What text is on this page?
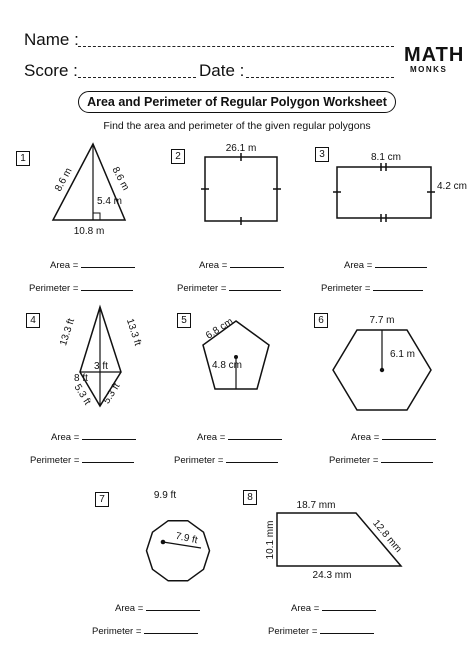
Name :
Score :	Date :
MATH
MONKS
Area and Perimeter of Regular Polygon Worksheet
Find the area and perimeter of the given regular polygons
1	2	3
4	5	6
7	8
8.6 m	8.6 m
5.4 m
10.8 m
26.1 m
8.1 cm
4.2 cm
13.3 ft	13.3 ft
8 ft
3 ft
5.3 ft 5.3 ft
6.8 cm
4.8 cm
7.7 m
6.1 m
9.9 ft
7.9 ft
18.7 mm
10.1 mm	12.8 mm
24.3 mm
Area =
Perimeter =
Area =
Perimeter =
Area =
Perimeter =
Area =
Perimeter =
Area =
Perimeter =
Area =
Perimeter =
Area =
Perimeter =
Area =
Perimeter =
